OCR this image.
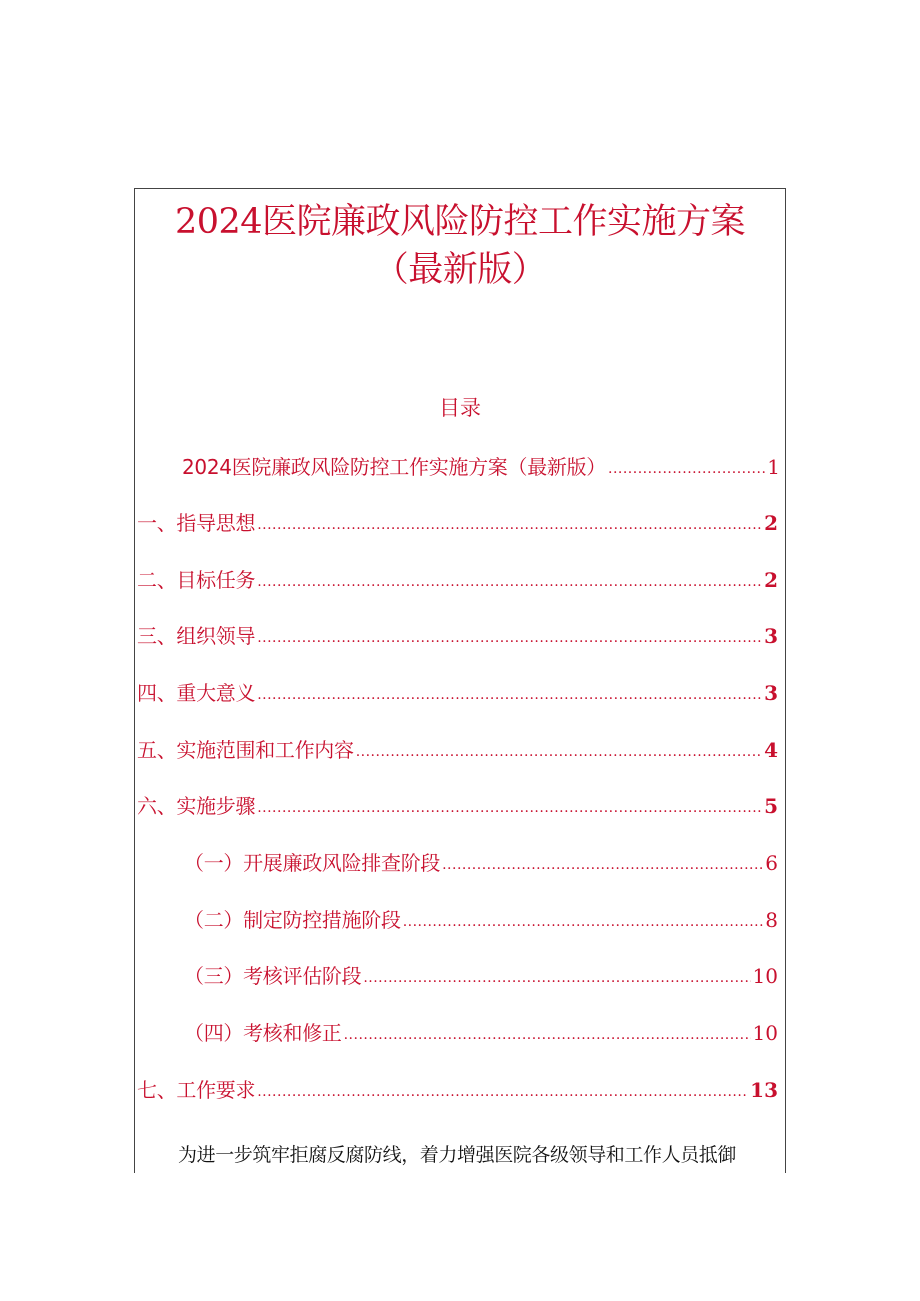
2024医院廉政风险防控工作实施方案
（最新版）
目录
2024医院廉政风险防控工作实施方案（最新版） .....	1
一、指导思想 .....	2
二、目标任务 .....	2
三、组织领导 .....	3
四、重大意义 .....	3
五、实施范围和工作内容 .....	4
六、实施步骤 .....	5
（一）开展廉政风险排查阶段 .....	6
（二）制定防控措施阶段 .....	8
（三）考核评估阶段 .....	10
（四）考核和修正 .....	10
七、工作要求 .....	13
为进一步筑牢拒腐反腐防线，着力增强医院各级领导和工作人员抵御
